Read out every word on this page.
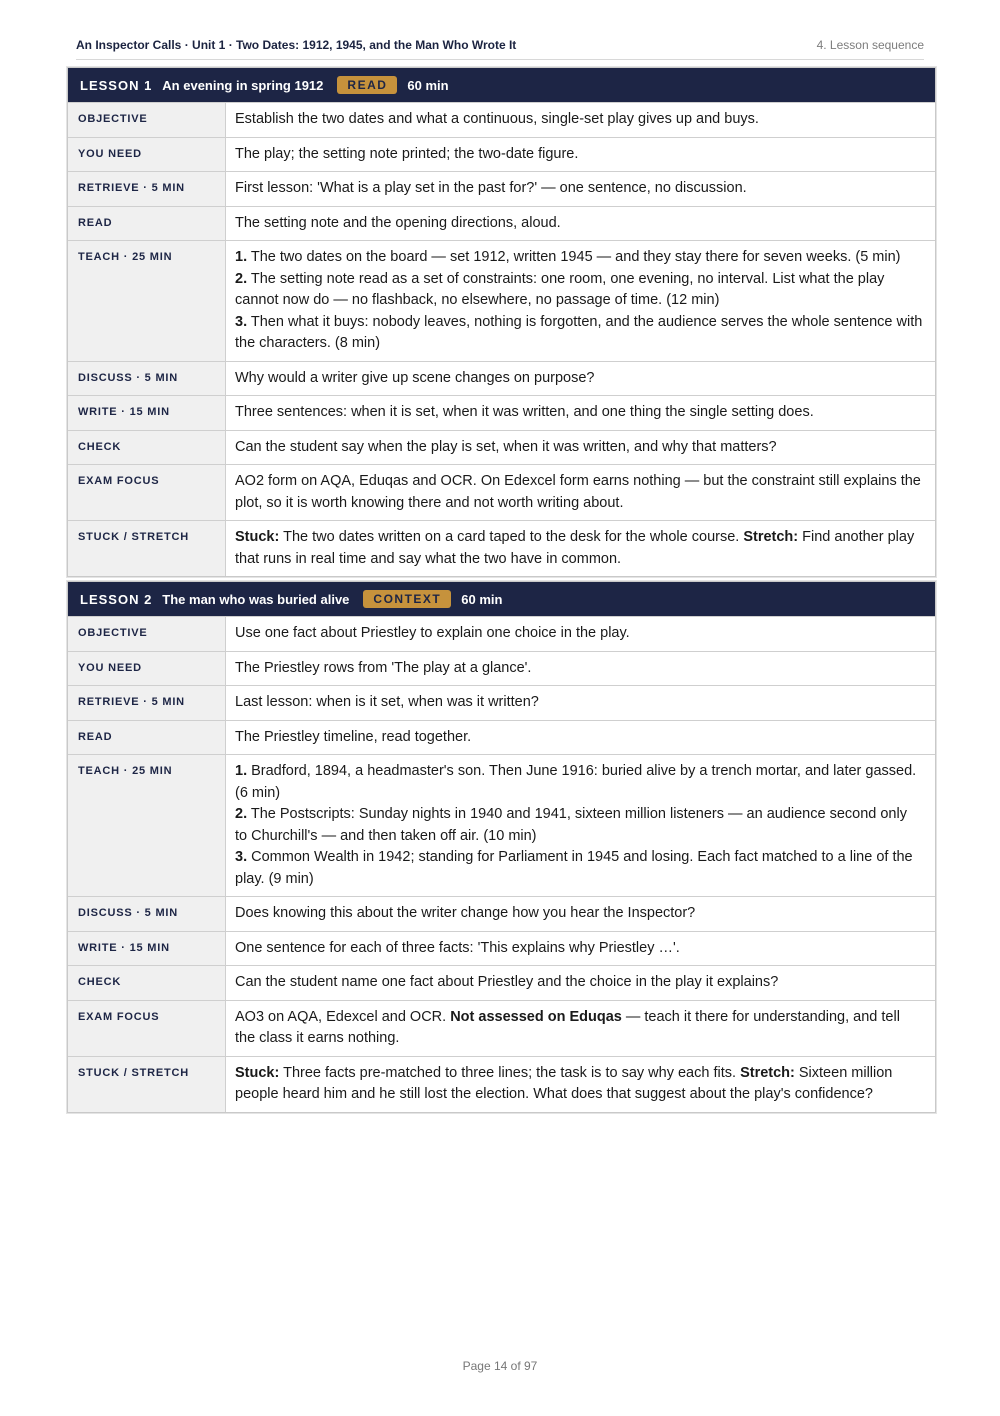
An Inspector Calls · Unit 1 · Two Dates: 1912, 1945, and the Man Who Wrote It	4. Lesson sequence
LESSON 1 An evening in spring 1912	READ	60 min
OBJECTIVE	Establish the two dates and what a continuous, single-set play gives up and buys.
YOU NEED	The play; the setting note printed; the two-date figure.
RETRIEVE · 5 MIN	First lesson: 'What is a play set in the past for?' — one sentence, no discussion.
READ	The setting note and the opening directions, aloud.
TEACH · 25 MIN	1. The two dates on the board — set 1912, written 1945 — and they stay there for seven weeks. (5 min)
2. The setting note read as a set of constraints: one room, one evening, no interval. List what the play cannot now do — no flashback, no elsewhere, no passage of time. (12 min)
3. Then what it buys: nobody leaves, nothing is forgotten, and the audience serves the whole sentence with the characters. (8 min)

DISCUSS · 5 MIN	Why would a writer give up scene changes on purpose?
WRITE · 15 MIN	Three sentences: when it is set, when it was written, and one thing the single setting does.
CHECK	Can the student say when the play is set, when it was written, and why that matters?
EXAM FOCUS	AO2 form on AQA, Eduqas and OCR. On Edexcel form earns nothing — but the constraint still explains the plot, so it is worth knowing there and not worth writing about.
STUCK / STRETCH	Stuck: The two dates written on a card taped to the desk for the whole course. Stretch: Find another play that runs in real time and say what the two have in common.
LESSON 2 The man who was buried alive	CONTEXT	60 min
OBJECTIVE	Use one fact about Priestley to explain one choice in the play.
YOU NEED	The Priestley rows from 'The play at a glance'.
RETRIEVE · 5 MIN	Last lesson: when is it set, when was it written?
READ	The Priestley timeline, read together.
TEACH · 25 MIN	1. Bradford, 1894, a headmaster's son. Then June 1916: buried alive by a trench mortar, and later gassed. (6 min)
2. The Postscripts: Sunday nights in 1940 and 1941, sixteen million listeners — an audience second only to Churchill's — and then taken off air. (10 min)
3. Common Wealth in 1942; standing for Parliament in 1945 and losing. Each fact matched to a line of the play. (9 min)

DISCUSS · 5 MIN	Does knowing this about the writer change how you hear the Inspector?
WRITE · 15 MIN	One sentence for each of three facts: 'This explains why Priestley …'.
CHECK	Can the student name one fact about Priestley and the choice in the play it explains?
EXAM FOCUS	AO3 on AQA, Edexcel and OCR. Not assessed on Eduqas — teach it there for understanding, and tell the class it earns nothing.
STUCK / STRETCH	Stuck: Three facts pre-matched to three lines; the task is to say why each fits. Stretch: Sixteen million people heard him and he still lost the election. What does that suggest about the play's confidence?
Page 14 of 97
